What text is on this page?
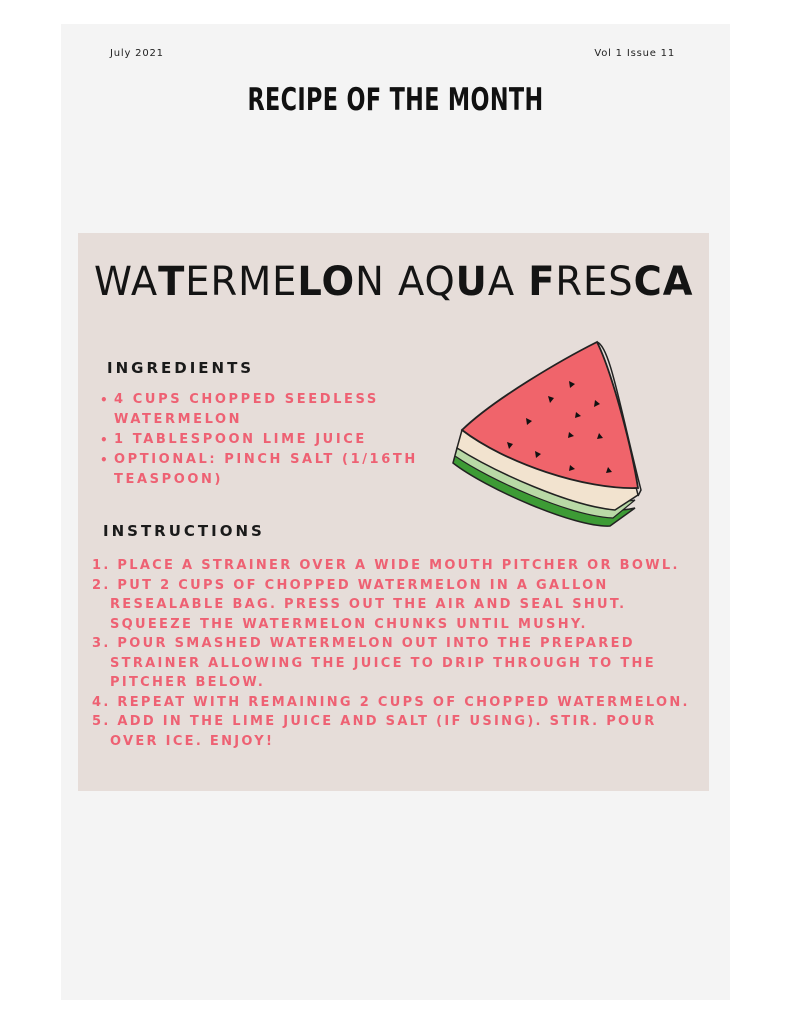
July 2021	Vol 1 Issue 11
RECIPE OF THE MONTH
WATERMELON AQUA FRESCA
INGREDIENTS
• 4 CUPS CHOPPED SEEDLESS WATERMELON
• 1 TABLESPOON LIME JUICE
• OPTIONAL: PINCH SALT (1/16TH TEASPOON)
INSTRUCTIONS
1. PLACE A STRAINER OVER A WIDE MOUTH PITCHER OR BOWL.
2. PUT 2 CUPS OF CHOPPED WATERMELON IN A GALLON RESEALABLE BAG. PRESS OUT THE AIR AND SEAL SHUT. SQUEEZE THE WATERMELON CHUNKS UNTIL MUSHY.
3. POUR SMASHED WATERMELON OUT INTO THE PREPARED STRAINER ALLOWING THE JUICE TO DRIP THROUGH TO THE PITCHER BELOW.
4. REPEAT WITH REMAINING 2 CUPS OF CHOPPED WATERMELON.
5. ADD IN THE LIME JUICE AND SALT (IF USING). STIR. POUR OVER ICE. ENJOY!
